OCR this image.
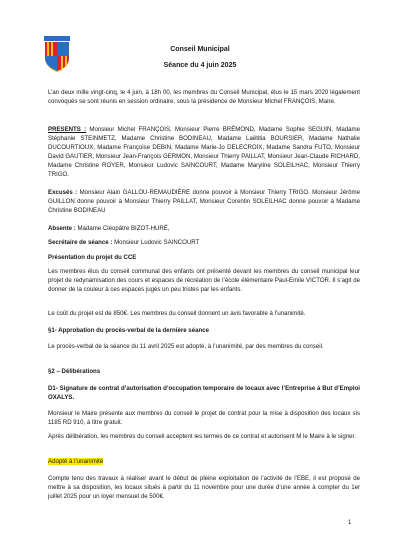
Conseil Municipal
Séance du 4 juin 2025

L’an deux mille vingt-cinq, le 4 juin, à 18h 00, les membres du Conseil Municipal, élus le 15 mars 2020 légalement convoqués se sont réunis en session ordinaire, sous la présidence de Monsieur Michel FRANÇOIS, Maire.

PRESENTS : Monsieur Michel FRANÇOIS, Monsieur Pierre BRÉMOND, Madame Sophie SEGUIN, Madame Stéphanie STEINMETZ, Madame Christine BODINEAU, Madame Laëtitia BOURSIER, Madame Nathalie DUCOURTIOUX, Madame Françoise DEBIN, Madame Marie-Jo DELECROIX, Madame Sandra FUTO, Monsieur David GAUTIER, Monsieur Jean-François GERMON, Monsieur Thierry PAILLAT, Monsieur Jean-Claude RICHARD, Madame Christine ROYER, Monsieur Ludovic SAINCOURT, Madame Maryline SOLEILHAC, Monsieur Thierry TRIGO.

Excusés : Monsieur Alain GALLOU-REMAUDIÈRE donne pouvoir à Monsieur Thierry TRIGO. Monsieur Jérôme GUILLON donne pouvoir à Monsieur Thierry PAILLAT, Monsieur Corentin SOLEILHAC donne pouvoir à Madame Christine BODINEAU

Absente : Madame Cléopâtre BIZOT-HURÉ,

Secrétaire de séance : Monsieur Ludovic SAINCOURT

Présentation du projet du CCE

Les membres élus du conseil communal des enfants ont présenté devant les membres du conseil municipal leur projet de redynamisation des cours et espaces de récréation de l’école élémentaire Paul-Emile VICTOR. Il s’agit de donner de la couleur à ces espaces jugés un peu tristes par les enfants.

Le coût du projet est de 850€. Les membres du conseil donnent un avis favorable à l’unanimité.

§1- Approbation du procès-verbal de la dernière séance

Le procès-verbal de la séance du 11 avril 2025 est adopté, à l’unanimité, par des membres du conseil.

§2 – Délibérations

D1- Signature de contrat d’autorisation d’occupation temporaire de locaux avec l’Entreprise à But d’Emploi OXALYS.

Monsieur le Maire présente aux membres du conseil le projet de contrat pour la mise à disposition des locaux sis 1185 RD 910, à titre gratuit.

Après délibération, les membres du conseil acceptent les termes de ce contrat et autorisent M le Maire à le signer.

Adopté à l’unanimité

Compte tenu des travaux à réaliser avant le début de pleine exploitation de l’activité de l’EBE, il est proposé de mettre à sa disposition, les locaux situés à partir du 11 novembre pour une durée d’une année à compter du 1er juillet 2025 pour un loyer mensuel de 500€.

1
